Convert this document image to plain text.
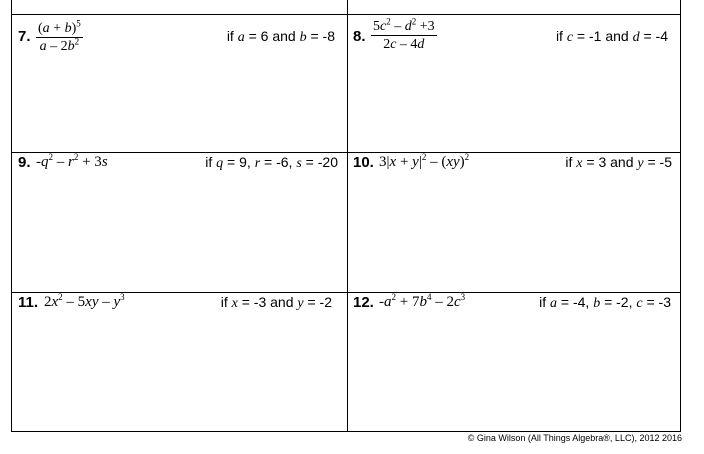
7. $\frac{(a + b)^5}{a - 2b^2}$	if a = 6 and b = -8 8. $\frac{5c^2 - d^2 +3}{2c - 4d}$	if c = -1 and d = -4
9. $-q^2 - r^2 + 3s$	if q = 9, r = -6, s = -20 10. $3|x + y|^2 - (xy)^2$	if x = 3 and y = -5
11. $2x^2 - 5xy - y^3$	if x = -3 and y = -2 12. $-a^2 + 7b^4 - 2c^3$	if a = -4, b = -2, c = -3
© Gina Wilson (All Things Algebra®, LLC), 2012 2016
